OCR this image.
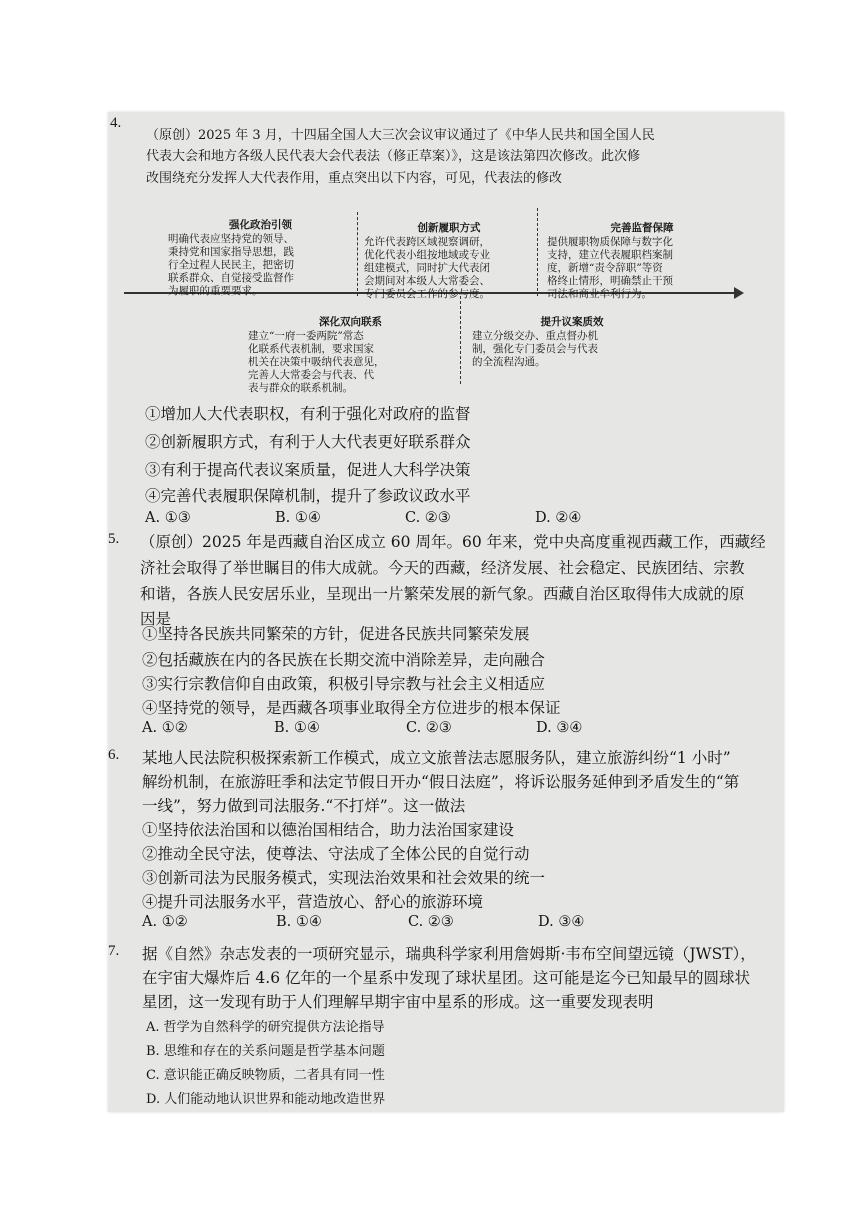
4.
（原创）2025 年 3 月，十四届全国人大三次会议审议通过了《中华人民共和国全国人民
代表大会和地方各级人民代表大会代表法（修正草案）》，这是该法第四次修改。此次修
改围绕充分发挥人大代表作用，重点突出以下内容，可见，代表法的修改
强化政治引领
明确代表应坚持党的领导、
秉持党和国家指导思想，践
行全过程人民民主，把密切
联系群众、自觉接受监督作
为履职的重要要求。
创新履职方式
允许代表跨区域视察调研，
优化代表小组按地域或专业
组建模式，同时扩大代表闭
会期间对本级人大常委会、
专门委员会工作的参与度。
完善监督保障
提供履职物质保障与数字化
支持，建立代表履职档案制
度，新增“责令辞职”等资
格终止情形，明确禁止干预
司法和商业牟利行为。
深化双向联系
建立“一府一委两院”常态
化联系代表机制，要求国家
机关在决策中吸纳代表意见，
完善人大常委会与代表、代
表与群众的联系机制。
提升议案质效
建立分级交办、重点督办机
制，强化专门委员会与代表
的全流程沟通。
①增加人大代表职权，有利于强化对政府的监督
②创新履职方式，有利于人大代表更好联系群众
③有利于提高代表议案质量，促进人大科学决策
④完善代表履职保障机制，提升了参政议政水平
A. ①③	B. ①④	C. ②③	D. ②④
5. （原创）2025 年是西藏自治区成立 60 周年。60 年来，党中央高度重视西藏工作，西藏经
济社会取得了举世瞩目的伟大成就。今天的西藏，经济发展、社会稳定、民族团结、宗教
和谐，各族人民安居乐业，呈现出一片繁荣发展的新气象。西藏自治区取得伟大成就的原
因是
①坚持各民族共同繁荣的方针，促进各民族共同繁荣发展
②包括藏族在内的各民族在长期交流中消除差异，走向融合
③实行宗教信仰自由政策，积极引导宗教与社会主义相适应
④坚持党的领导，是西藏各项事业取得全方位进步的根本保证
A. ①②	B. ①④	C. ②③	D. ③④
6. 某地人民法院积极探索新工作模式，成立文旅普法志愿服务队，建立旅游纠纷“1 小时”
解纷机制，在旅游旺季和法定节假日开办“假日法庭”，将诉讼服务延伸到矛盾发生的“第
一线”，努力做到司法服务.“不打烊”。这一做法
①坚持依法治国和以德治国相结合，助力法治国家建设
②推动全民守法，使尊法、守法成了全体公民的自觉行动
③创新司法为民服务模式，实现法治效果和社会效果的统一
④提升司法服务水平，营造放心、舒心的旅游环境
A. ①②	B. ①④	C. ②③	D. ③④
7. 据《自然》杂志发表的一项研究显示，瑞典科学家利用詹姆斯·韦布空间望远镜（JWST），
在宇宙大爆炸后 4.6 亿年的一个星系中发现了球状星团。这可能是迄今已知最早的圆球状
星团，这一发现有助于人们理解早期宇宙中星系的形成。这一重要发现表明
A. 哲学为自然科学的研究提供方法论指导
B. 思维和存在的关系问题是哲学基本问题
C. 意识能正确反映物质，二者具有同一性
D. 人们能动地认识世界和能动地改造世界
